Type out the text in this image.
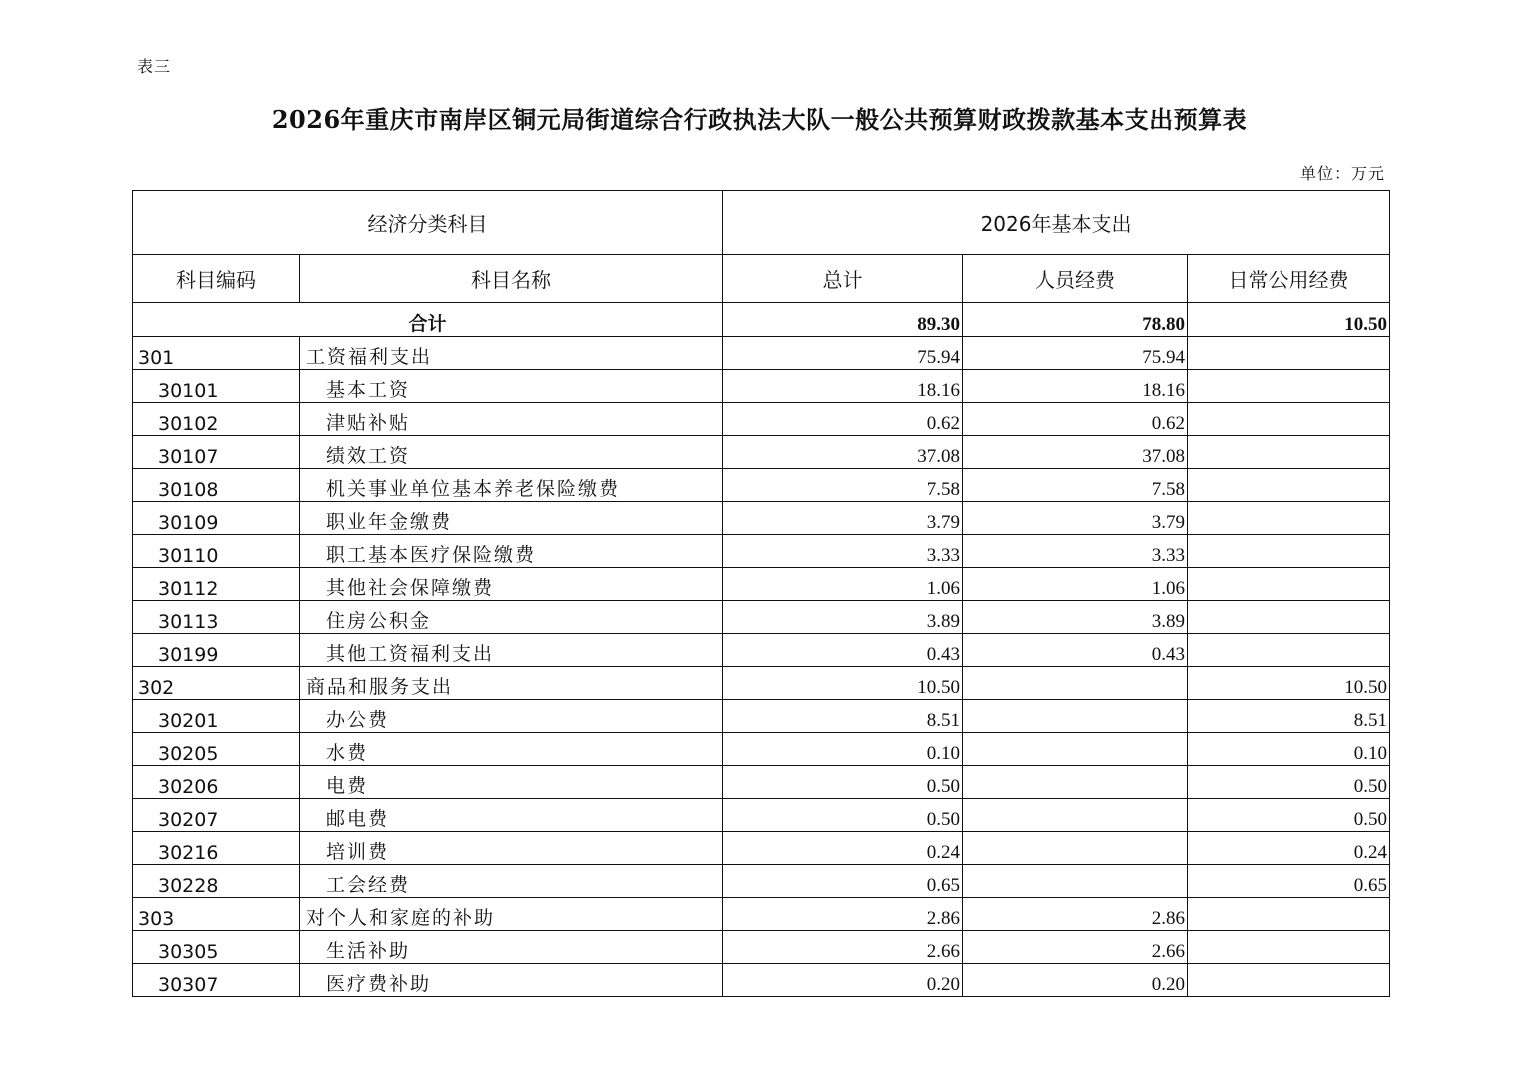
表三
2026年重庆市南岸区铜元局街道综合行政执法大队一般公共预算财政拨款基本支出预算表
单位：万元
经济分类科目		2026年基本支出		
科目编码	科目名称	总计	人员经费	日常公用经费
合计		89.30	78.80	10.50
301	工资福利支出	75.94	75.94	
30101	基本工资	18.16	18.16	
30102	津贴补贴	0.62	0.62	
30107	绩效工资	37.08	37.08	
30108	机关事业单位基本养老保险缴费	7.58	7.58	
30109	职业年金缴费	3.79	3.79	
30110	职工基本医疗保险缴费	3.33	3.33	
30112	其他社会保障缴费	1.06	1.06	
30113	住房公积金	3.89	3.89	
30199	其他工资福利支出	0.43	0.43	
302	商品和服务支出	10.50		10.50
30201	办公费	8.51		8.51
30205	水费	0.10		0.10
30206	电费	0.50		0.50
30207	邮电费	0.50		0.50
30216	培训费	0.24		0.24
30228	工会经费	0.65		0.65
303	对个人和家庭的补助	2.86	2.86	
30305	生活补助	2.66	2.66	
30307	医疗费补助	0.20	0.20	
